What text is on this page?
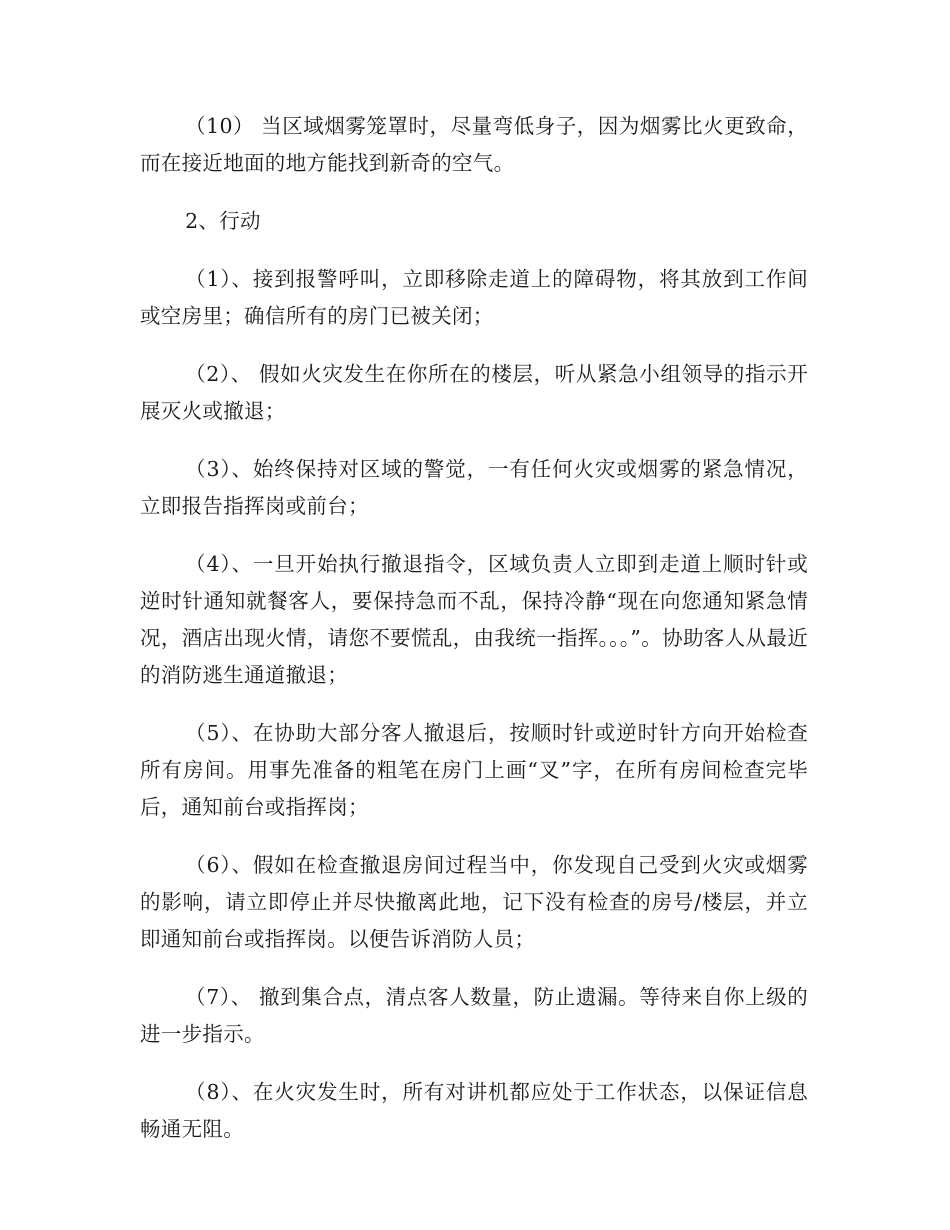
（10） 当区域烟雾笼罩时，尽量弯低身子，因为烟雾比火更致命，而在接近地面的地方能找到新奇的空气。

2、行动

（1）、接到报警呼叫，立即移除走道上的障碍物，将其放到工作间或空房里；确信所有的房门已被关闭；

（2）、 假如火灾发生在你所在的楼层，听从紧急小组领导的指示开展灭火或撤退；

（3）、始终保持对区域的警觉，一有任何火灾或烟雾的紧急情况，立即报告指挥岗或前台；

（4）、一旦开始执行撤退指令，区域负责人立即到走道上顺时针或逆时针通知就餐客人，要保持急而不乱，保持冷静“现在向您通知紧急情况，酒店出现火情，请您不要慌乱，由我统一指挥。。。”。协助客人从最近的消防逃生通道撤退；

（5）、在协助大部分客人撤退后，按顺时针或逆时针方向开始检查所有房间。用事先准备的粗笔在房门上画“叉”字，在所有房间检查完毕后，通知前台或指挥岗；

（6）、假如在检查撤退房间过程当中，你发现自己受到火灾或烟雾的影响，请立即停止并尽快撤离此地，记下没有检查的房号/楼层，并立即通知前台或指挥岗。以便告诉消防人员；

（7）、 撤到集合点，清点客人数量，防止遗漏。等待来自你上级的进一步指示。

（8）、在火灾发生时，所有对讲机都应处于工作状态，以保证信息畅通无阻。
